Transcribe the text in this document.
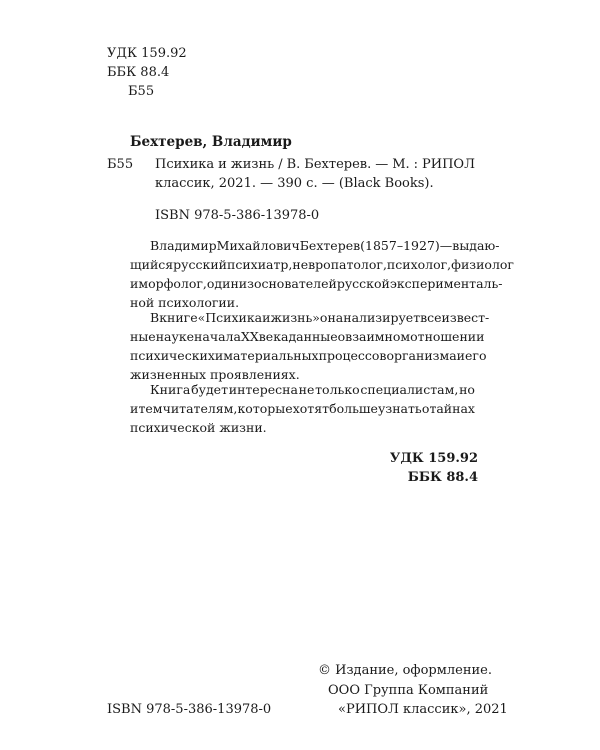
УДК 159.92
ББК 88.4
Б55
Бехтерев, Владимир
Б55 Психика и жизнь / В. Бехтерев. — М. : РИПОЛ
классик, 2021. — 390 с. — (Black Books).
ISBN 978-5-386-13978-0
Владимир Михайлович Бехтерев (1857–1927) — выдаю-
щийся русский психиатр, невропатолог, психолог, физиолог
и морфолог, один из основателей русской эксперименталь-
ной психологии.
В книге «Психика и жизнь» он анализирует все извест-
ные науке начала XX века данные о взаимном отношении
психических и материальных процессов организма и его
жизненных проявлениях.
Книга будет интересна не только специалистам, но
и тем читателям, которые хотят больше узнать о тайнах
психической жизни.
УДК 159.92
ББК 88.4
© Издание, оформление.
ООО Группа Компаний
«РИПОЛ классик», 2021
ISBN 978-5-386-13978-0
